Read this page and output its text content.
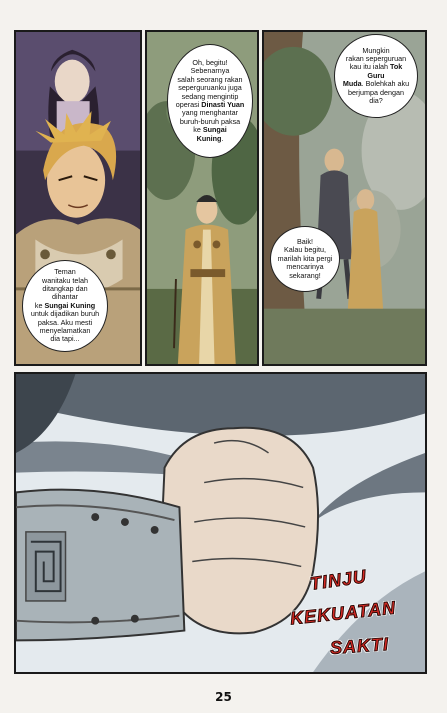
Teman
wanitaku telah
ditangkap dan dihantar
ke Sungai Kuning
untuk dijadikan buruh
paksa. Aku mesti
menyelamatkan
dia tapi...
Oh, begitu!
Sebenarnya
salah seorang rakan
seperguruanku juga
sedang mengintip
operasi Dinasti Yuan
yang menghantar
buruh-buruh paksa
ke Sungai
Kuning.
Mungkin
rakan seperguruan
kau itu ialah Tok Guru
Muda. Bolehkah aku
berjumpa dengan
dia?
Baik!
Kalau begitu,
marilah kita pergi
mencarinya
sekarang!
TINJU
KEKUATAN
SAKTI
25
